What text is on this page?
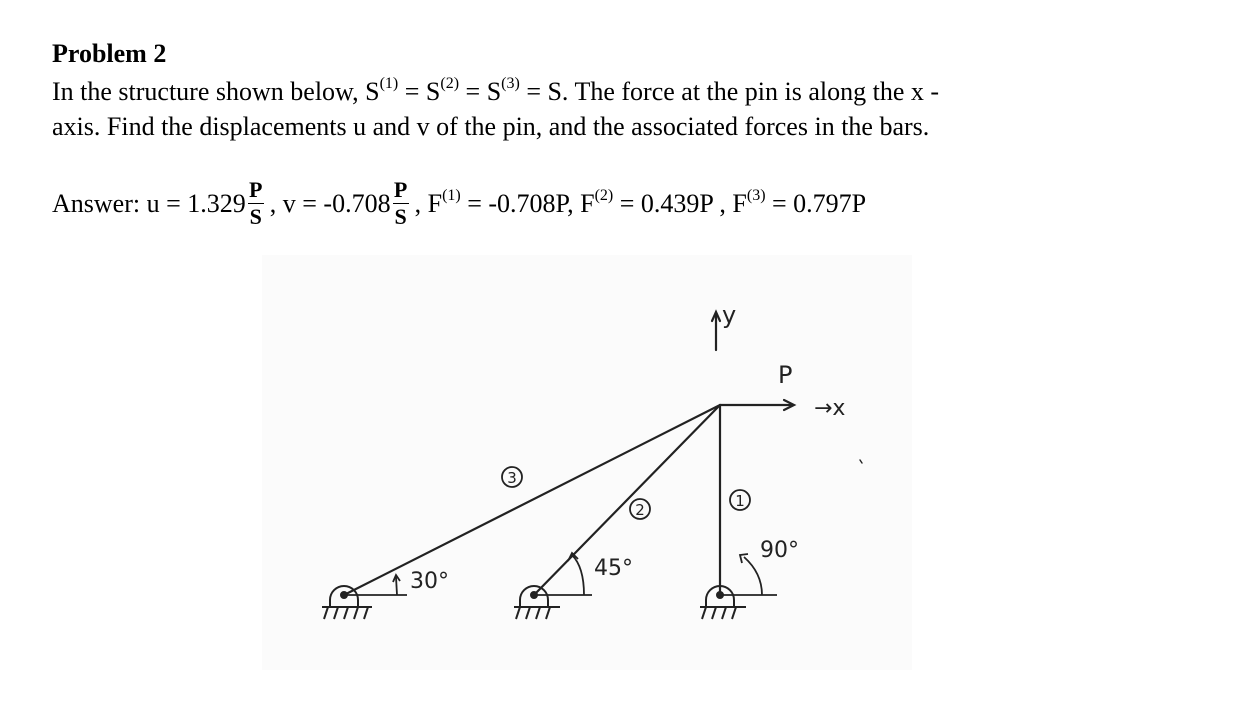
Problem 2
In the structure shown below, $S^{(1)} = S^{(2)} = S^{(3)} = S$. The force at the pin is along the x -
axis. Find the displacements u and v of the pin, and the associated forces in the bars.
Answer: $u = 1.329 \frac{P}{S}$ , $v = -0.708 \frac{P}{S}$ , $F^{(1)} = -0.708P$, $F^{(2)} = 0.439P$ , $F^{(3)} = 0.797P$
3
2	1
30°
45°
90°
y
P
→x
